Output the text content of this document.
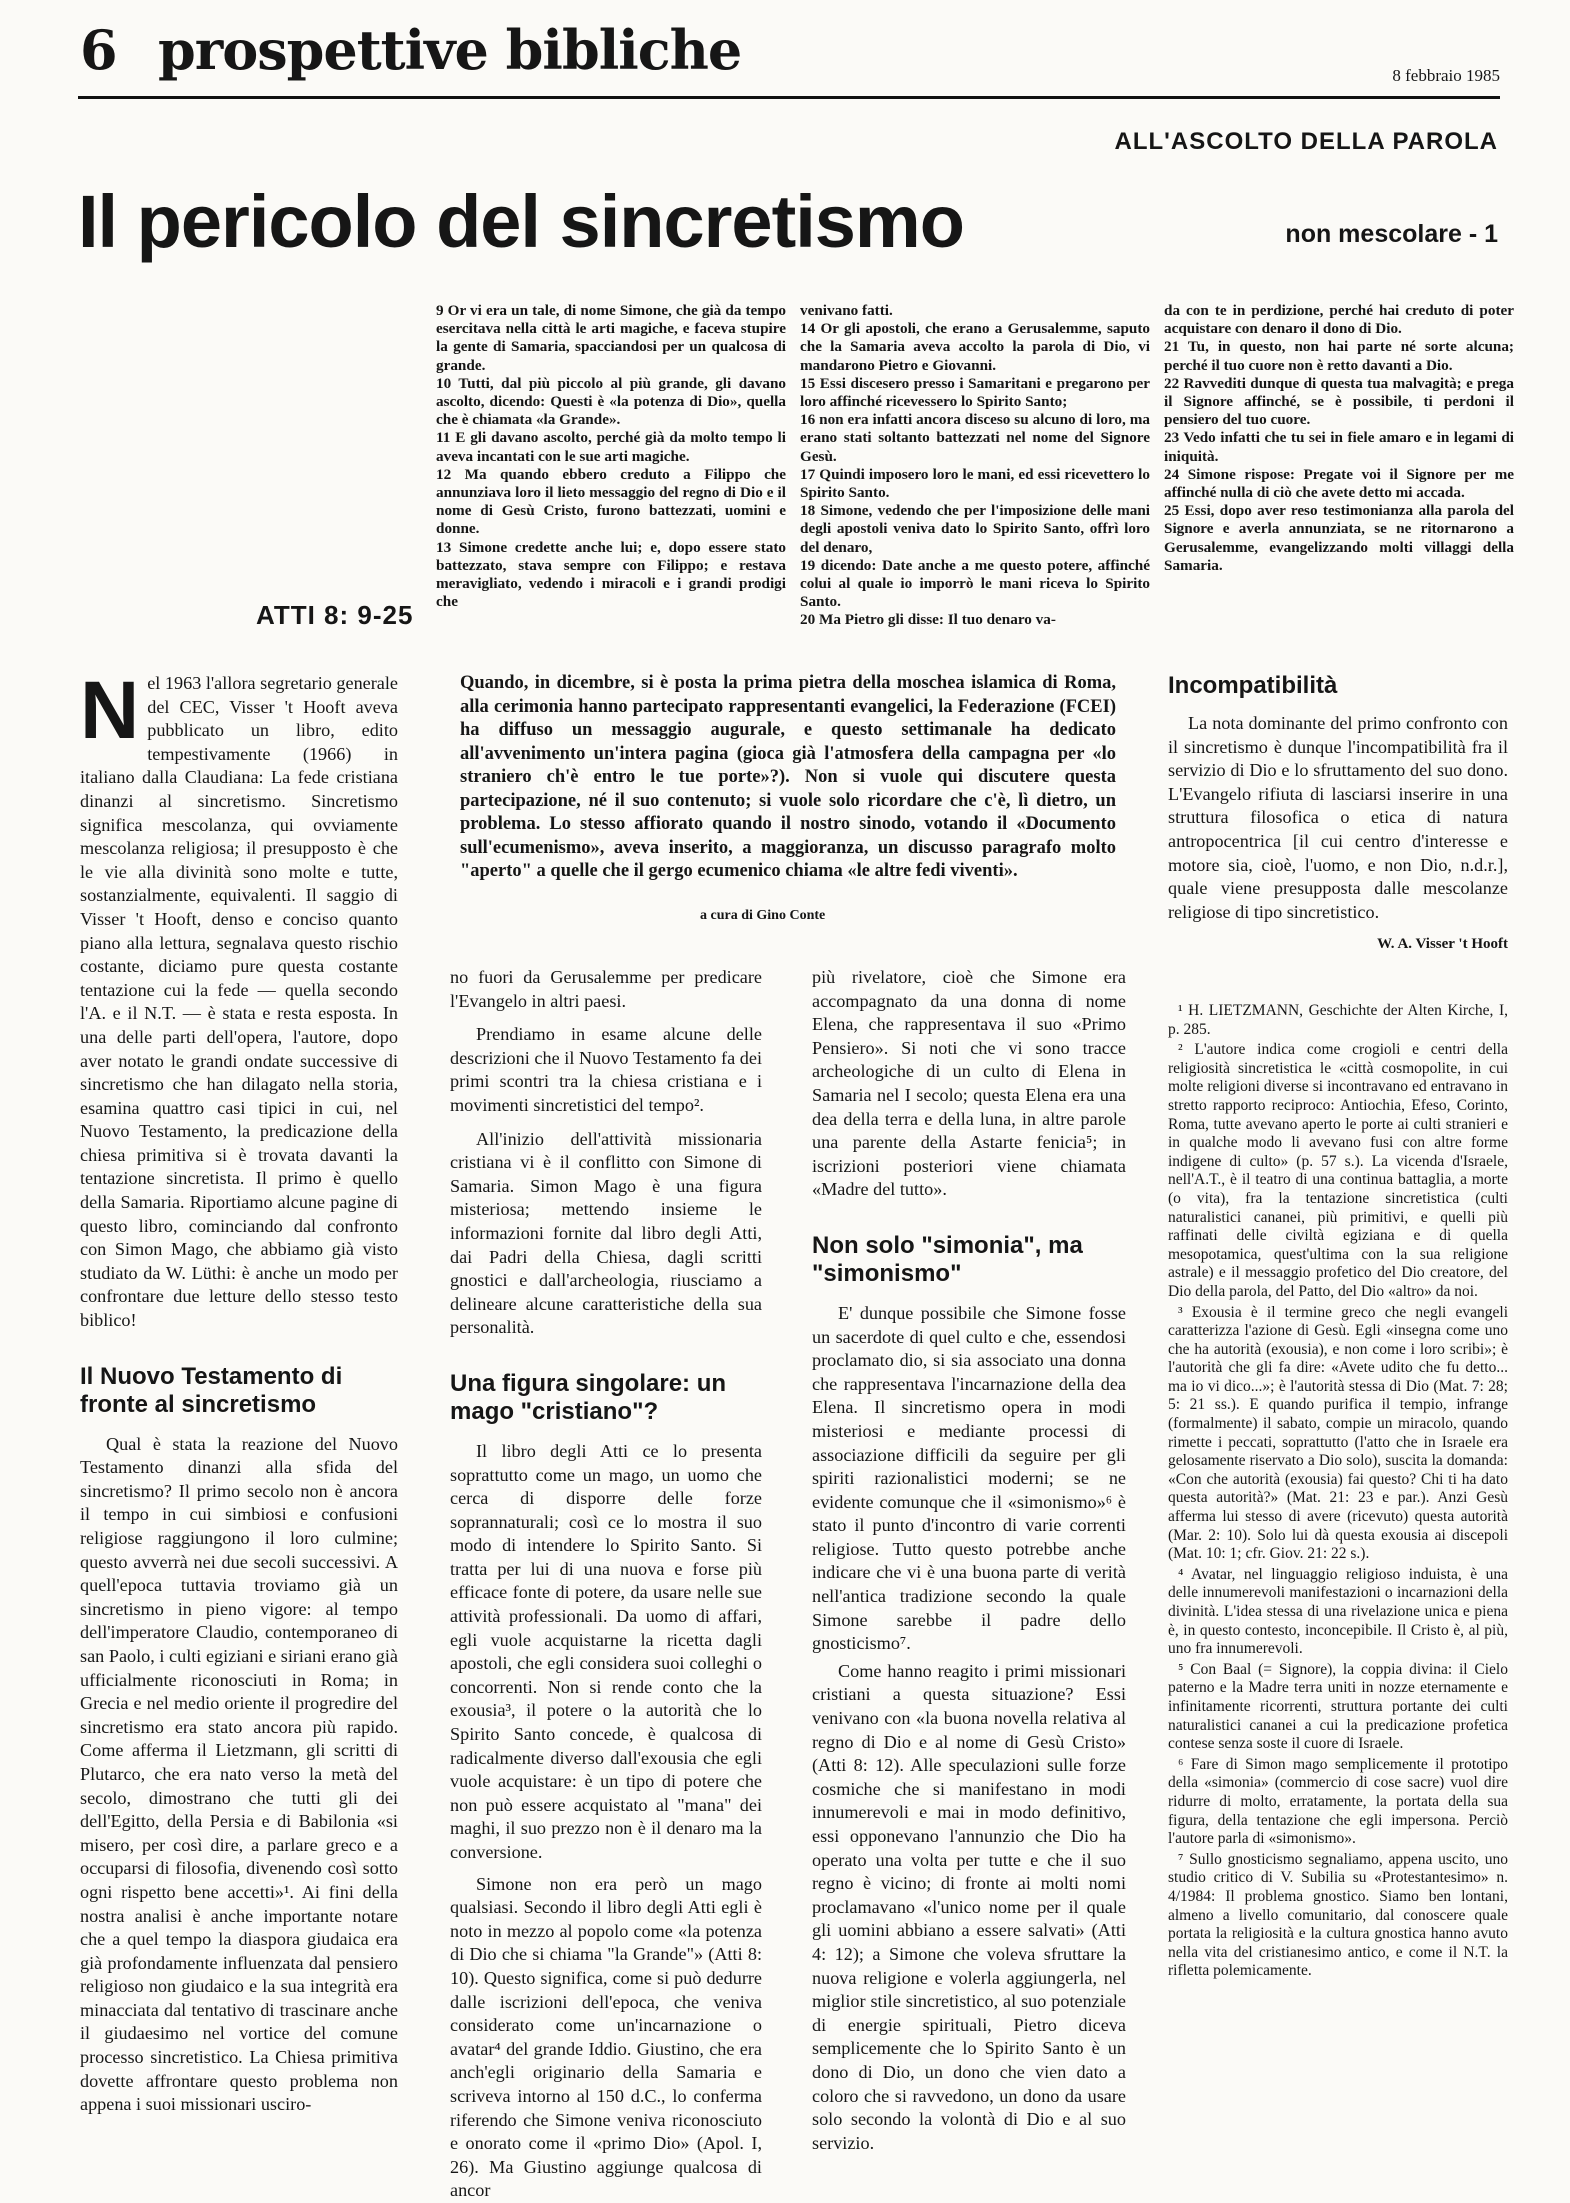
6 prospettive bibliche	8 febbraio 1985
ALL'ASCOLTO DELLA PAROLA
Il pericolo del sincretismo	non mescolare - 1
ATTI 8: 9-25

9 Or vi era un tale, di nome Simone, che già da tempo esercitava nella città le arti magiche, e faceva stupire la gente di Samaria, spacciandosi per un qualcosa di grande.

10 Tutti, dal più piccolo al più grande, gli davano ascolto, dicendo: Questi è «la potenza di Dio», quella che è chiamata «la Grande».

11 E gli davano ascolto, perché già da molto tempo li aveva incantati con le sue arti magiche.

12 Ma quando ebbero creduto a Filippo che annunziava loro il lieto messaggio del regno di Dio e il nome di Gesù Cristo, furono battezzati, uomini e donne.

13 Simone credette anche lui; e, dopo essere stato battezzato, stava sempre con Filippo; e restava meravigliato, vedendo i miracoli e i grandi prodigi che

venivano fatti.

14 Or gli apostoli, che erano a Gerusalemme, saputo che la Samaria aveva accolto la parola di Dio, vi mandarono Pietro e Giovanni.

15 Essi discesero presso i Samaritani e pregarono per loro affinché ricevessero lo Spirito Santo;

16 non era infatti ancora disceso su alcuno di loro, ma erano stati soltanto battezzati nel nome del Signore Gesù.

17 Quindi imposero loro le mani, ed essi ricevettero lo Spirito Santo.

18 Simone, vedendo che per l'imposizione delle mani degli apostoli veniva dato lo Spirito Santo, offrì loro del denaro,

19 dicendo: Date anche a me questo potere, affinché colui al quale io imporrò le mani riceva lo Spirito Santo.

20 Ma Pietro gli disse: Il tuo denaro va-

da con te in perdizione, perché hai creduto di poter acquistare con denaro il dono di Dio.

21 Tu, in questo, non hai parte né sorte alcuna; perché il tuo cuore non è retto davanti a Dio.

22 Ravvediti dunque di questa tua malvagità; e prega il Signore affinché, se è possibile, ti perdoni il pensiero del tuo cuore.

23 Vedo infatti che tu sei in fiele amaro e in legami di iniquità.

24 Simone rispose: Pregate voi il Signore per me affinché nulla di ciò che avete detto mi accada.

25 Essi, dopo aver reso testimonianza alla parola del Signore e averla annunziata, se ne ritornarono a Gerusalemme, evangelizzando molti villaggi della Samaria.

Quando, in dicembre, si è posta la prima pietra della moschea islamica di Roma, alla cerimonia hanno partecipato rappresentanti evangelici, la Federazione (FCEI) ha diffuso un messaggio augurale, e questo settimanale ha dedicato all'avvenimento un'intera pagina (gioca già l'atmosfera della campagna per «lo straniero ch'è entro le tue porte»?). Non si vuole qui discutere questa partecipazione, né il suo contenuto; si vuole solo ricordare che c'è, lì dietro, un problema. Lo stesso affiorato quando il nostro sinodo, votando il «Documento sull'ecumenismo», aveva inserito, a maggioranza, un discusso paragrafo molto "aperto" a quelle che il gergo ecumenico chiama «le altre fedi viventi».
a cura di Gino Conte

Nel 1963 l'allora segretario generale del CEC, Visser 't Hooft aveva pubblicato un libro, edito tempestivamente (1966) in italiano dalla Claudiana: La fede cristiana dinanzi al sincretismo. Sincretismo significa mescolanza, qui ovviamente mescolanza religiosa; il presupposto è che le vie alla divinità sono molte e tutte, sostanzialmente, equivalenti. Il saggio di Visser 't Hooft, denso e conciso quanto piano alla lettura, segnalava questo rischio costante, diciamo pure questa costante tentazione cui la fede — quella secondo l'A. e il N.T. — è stata e resta esposta. In una delle parti dell'opera, l'autore, dopo aver notato le grandi ondate successive di sincretismo che han dilagato nella storia, esamina quattro casi tipici in cui, nel Nuovo Testamento, la predicazione della chiesa primitiva si è trovata davanti la tentazione sincretista. Il primo è quello della Samaria. Riportiamo alcune pagine di questo libro, cominciando dal confronto con Simon Mago, che abbiamo già visto studiato da W. Lüthi: è anche un modo per confrontare due letture dello stesso testo biblico!

Il Nuovo Testamento di fronte al sincretismo

Qual è stata la reazione del Nuovo Testamento dinanzi alla sfida del sincretismo? Il primo secolo non è ancora il tempo in cui simbiosi e confusioni religiose raggiungono il loro culmine; questo avverrà nei due secoli successivi. A quell'epoca tuttavia troviamo già un sincretismo in pieno vigore: al tempo dell'imperatore Claudio, contemporaneo di san Paolo, i culti egiziani e siriani erano già ufficialmente riconosciuti in Roma; in Grecia e nel medio oriente il progredire del sincretismo era stato ancora più rapido. Come afferma il Lietzmann, gli scritti di Plutarco, che era nato verso la metà del secolo, dimostrano che tutti gli dei dell'Egitto, della Persia e di Babilonia «si misero, per così dire, a parlare greco e a occuparsi di filosofia, divenendo così sotto ogni rispetto bene accetti»¹. Ai fini della nostra analisi è anche importante notare che a quel tempo la diaspora giudaica era già profondamente influenzata dal pensiero religioso non giudaico e la sua integrità era minacciata dal tentativo di trascinare anche il giudaesimo nel vortice del comune processo sincretistico. La Chiesa primitiva dovette affrontare questo problema non appena i suoi missionari usciro-

no fuori da Gerusalemme per predicare l'Evangelo in altri paesi.

Prendiamo in esame alcune delle descrizioni che il Nuovo Testamento fa dei primi scontri tra la chiesa cristiana e i movimenti sincretistici del tempo².

All'inizio dell'attività missionaria cristiana vi è il conflitto con Simone di Samaria. Simon Mago è una figura misteriosa; mettendo insieme le informazioni fornite dal libro degli Atti, dai Padri della Chiesa, dagli scritti gnostici e dall'archeologia, riusciamo a delineare alcune caratteristiche della sua personalità.

Una figura singolare: un mago "cristiano"?

Il libro degli Atti ce lo presenta soprattutto come un mago, un uomo che cerca di disporre delle forze soprannaturali; così ce lo mostra il suo modo di intendere lo Spirito Santo. Si tratta per lui di una nuova e forse più efficace fonte di potere, da usare nelle sue attività professionali. Da uomo di affari, egli vuole acquistarne la ricetta dagli apostoli, che egli considera suoi colleghi o concorrenti. Non si rende conto che la exousia³, il potere o la autorità che lo Spirito Santo concede, è qualcosa di radicalmente diverso dall'exousia che egli vuole acquistare: è un tipo di potere che non può essere acquistato al "mana" dei maghi, il suo prezzo non è il denaro ma la conversione.

Simone non era però un mago qualsiasi. Secondo il libro degli Atti egli è noto in mezzo al popolo come «la potenza di Dio che si chiama "la Grande"» (Atti 8: 10). Questo significa, come si può dedurre dalle iscrizioni dell'epoca, che veniva considerato come un'incarnazione o avatar⁴ del grande Iddio. Giustino, che era anch'egli originario della Samaria e scriveva intorno al 150 d.C., lo conferma riferendo che Simone veniva riconosciuto e onorato come il «primo Dio» (Apol. I, 26). Ma Giustino aggiunge qualcosa di ancor

più rivelatore, cioè che Simone era accompagnato da una donna di nome Elena, che rappresentava il suo «Primo Pensiero». Si noti che vi sono tracce archeologiche di un culto di Elena in Samaria nel I secolo; questa Elena era una dea della terra e della luna, in altre parole una parente della Astarte fenicia⁵; in iscrizioni posteriori viene chiamata «Madre del tutto».

Non solo "simonia", ma "simonismo"

E' dunque possibile che Simone fosse un sacerdote di quel culto e che, essendosi proclamato dio, si sia associato una donna che rappresentava l'incarnazione della dea Elena. Il sincretismo opera in modi misteriosi e mediante processi di associazione difficili da seguire per gli spiriti razionalistici moderni; se ne evidente comunque che il «simonismo»⁶ è stato il punto d'incontro di varie correnti religiose. Tutto questo potrebbe anche indicare che vi è una buona parte di verità nell'antica tradizione secondo la quale Simone sarebbe il padre dello gnosticismo⁷.

Come hanno reagito i primi missionari cristiani a questa situazione? Essi venivano con «la buona novella relativa al regno di Dio e al nome di Gesù Cristo» (Atti 8: 12). Alle speculazioni sulle forze cosmiche che si manifestano in modi innumerevoli e mai in modo definitivo, essi opponevano l'annunzio che Dio ha operato una volta per tutte e che il suo regno è vicino; di fronte ai molti nomi proclamavano «l'unico nome per il quale gli uomini abbiano a essere salvati» (Atti 4: 12); a Simone che voleva sfruttare la nuova religione e volerla aggiungerla, nel miglior stile sincretistico, al suo potenziale di energie spirituali, Pietro diceva semplicemente che lo Spirito Santo è un dono di Dio, un dono che vien dato a coloro che si ravvedono, un dono da usare solo secondo la volontà di Dio e al suo servizio.

Incompatibilità

La nota dominante del primo confronto con il sincretismo è dunque l'incompatibilità fra il servizio di Dio e lo sfruttamento del suo dono. L'Evangelo rifiuta di lasciarsi inserire in una struttura filosofica o etica di natura antropocentrica [il cui centro d'interesse e motore sia, cioè, l'uomo, e non Dio, n.d.r.], quale viene presupposta dalle mescolanze religiose di tipo sincretistico.

W. A. Visser 't Hooft

¹ H. LIETZMANN, Geschichte der Alten Kirche, I, p. 285.

² L'autore indica come crogioli e centri della religiosità sincretistica le «città cosmopolite, in cui molte religioni diverse si incontravano ed entravano in stretto rapporto reciproco: Antiochia, Efeso, Corinto, Roma, tutte avevano aperto le porte ai culti stranieri e in qualche modo li avevano fusi con altre forme indigene di culto» (p. 57 s.). La vicenda d'Israele, nell'A.T., è il teatro di una continua battaglia, a morte (o vita), fra la tentazione sincretistica (culti naturalistici cananei, più primitivi, e quelli più raffinati delle civiltà egiziana e di quella mesopotamica, quest'ultima con la sua religione astrale) e il messaggio profetico del Dio creatore, del Dio della parola, del Patto, del Dio «altro» da noi.

³ Exousia è il termine greco che negli evangeli caratterizza l'azione di Gesù. Egli «insegna come uno che ha autorità (exousia), e non come i loro scribi»; è l'autorità che gli fa dire: «Avete udito che fu detto... ma io vi dico...»; è l'autorità stessa di Dio (Mat. 7: 28; 5: 21 ss.). E quando purifica il tempio, infrange (formalmente) il sabato, compie un miracolo, quando rimette i peccati, soprattutto (l'atto che in Israele era gelosamente riservato a Dio solo), suscita la domanda: «Con che autorità (exousia) fai questo? Chi ti ha dato questa autorità?» (Mat. 21: 23 e par.). Anzi Gesù afferma lui stesso di avere (ricevuto) questa autorità (Mar. 2: 10). Solo lui dà questa exousia ai discepoli (Mat. 10: 1; cfr. Giov. 21: 22 s.).

⁴ Avatar, nel linguaggio religioso induista, è una delle innumerevoli manifestazioni o incarnazioni della divinità. L'idea stessa di una rivelazione unica e piena è, in questo contesto, inconcepibile. Il Cristo è, al più, uno fra innumerevoli.

⁵ Con Baal (= Signore), la coppia divina: il Cielo paterno e la Madre terra uniti in nozze eternamente e infinitamente ricorrenti, struttura portante dei culti naturalistici cananei a cui la predicazione profetica contese senza soste il cuore di Israele.

⁶ Fare di Simon mago semplicemente il prototipo della «simonia» (commercio di cose sacre) vuol dire ridurre di molto, erratamente, la portata della sua figura, della tentazione che egli impersona. Perciò l'autore parla di «simonismo».

⁷ Sullo gnosticismo segnaliamo, appena uscito, uno studio critico di V. Subilia su «Protestantesimo» n. 4/1984: Il problema gnostico. Siamo ben lontani, almeno a livello comunitario, dal conoscere quale portata la religiosità e la cultura gnostica hanno avuto nella vita del cristianesimo antico, e come il N.T. la rifletta polemicamente.
